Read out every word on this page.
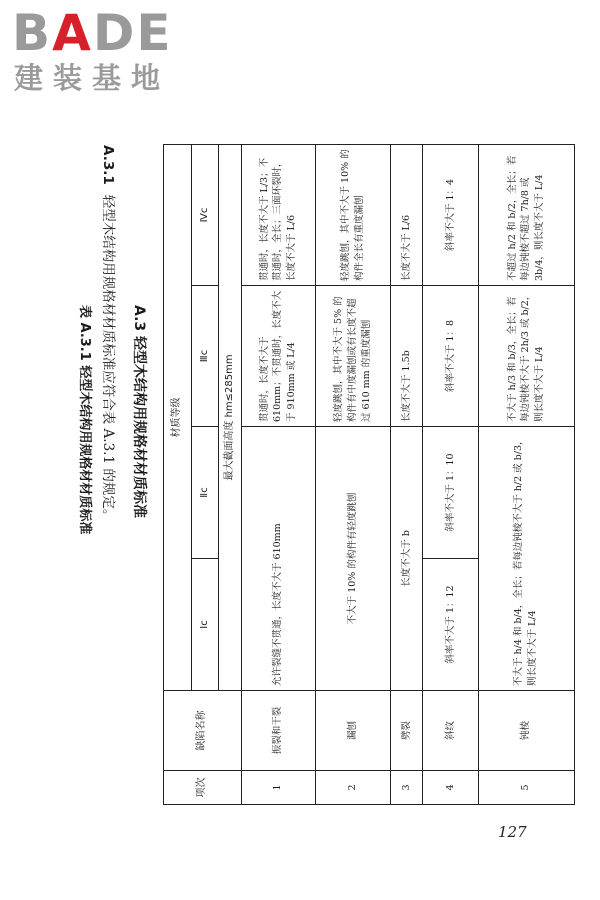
BADE
建装基地
项次	缺陷名称	材质等级			
		Ⅰc	Ⅱc	Ⅲc	Ⅳc
		最大截面高度 hm≤285mm			
1	振裂和干裂	允许裂缝不贯通，长度不大于 610mm		贯通时，长度不大于 610mm；不贯通时，长度不大于 910mm 或 L/4	贯通时，长度不大于 L/3；不贯通时，全长；三面环裂时，长度不大于 L/6
2	漏刨	不大于 10% 的构件有轻度跳刨		轻度跳刨，其中不大于 5% 的构件有中度漏刨或有长度不超过 610 mm 的重度漏刨	轻度跳刨，其中不大于 10% 的构件全长有重度漏刨
3	劈裂	长度不大于 b		长度不大于 1.5b	长度不大于 L/6
4	斜纹	斜率不大于 1：12	斜率不大于 1：10	斜率不大于 1：8	斜率不大于 1：4
5	钝棱	不大于 h/4 和 b/4，全长；若每边钝棱不大于 h/2 或 b/3，则长度不大于 L/4		不大于 h/3 和 b/3，全长；若每边钝棱不大于 2h/3 或 b/2，则长度不大于 L/4	不超过 h/2 和 b/2，全长；若每边钝棱不超过 7h/8 或 3b/4，则长度不大于 L/4
A.3 轻型木结构用规格材材质标准
A.3.1轻型木结构用规格材材质标准应符合表 A.3.1 的规定。
表 A.3.1 轻型木结构用规格材材质标准
127
